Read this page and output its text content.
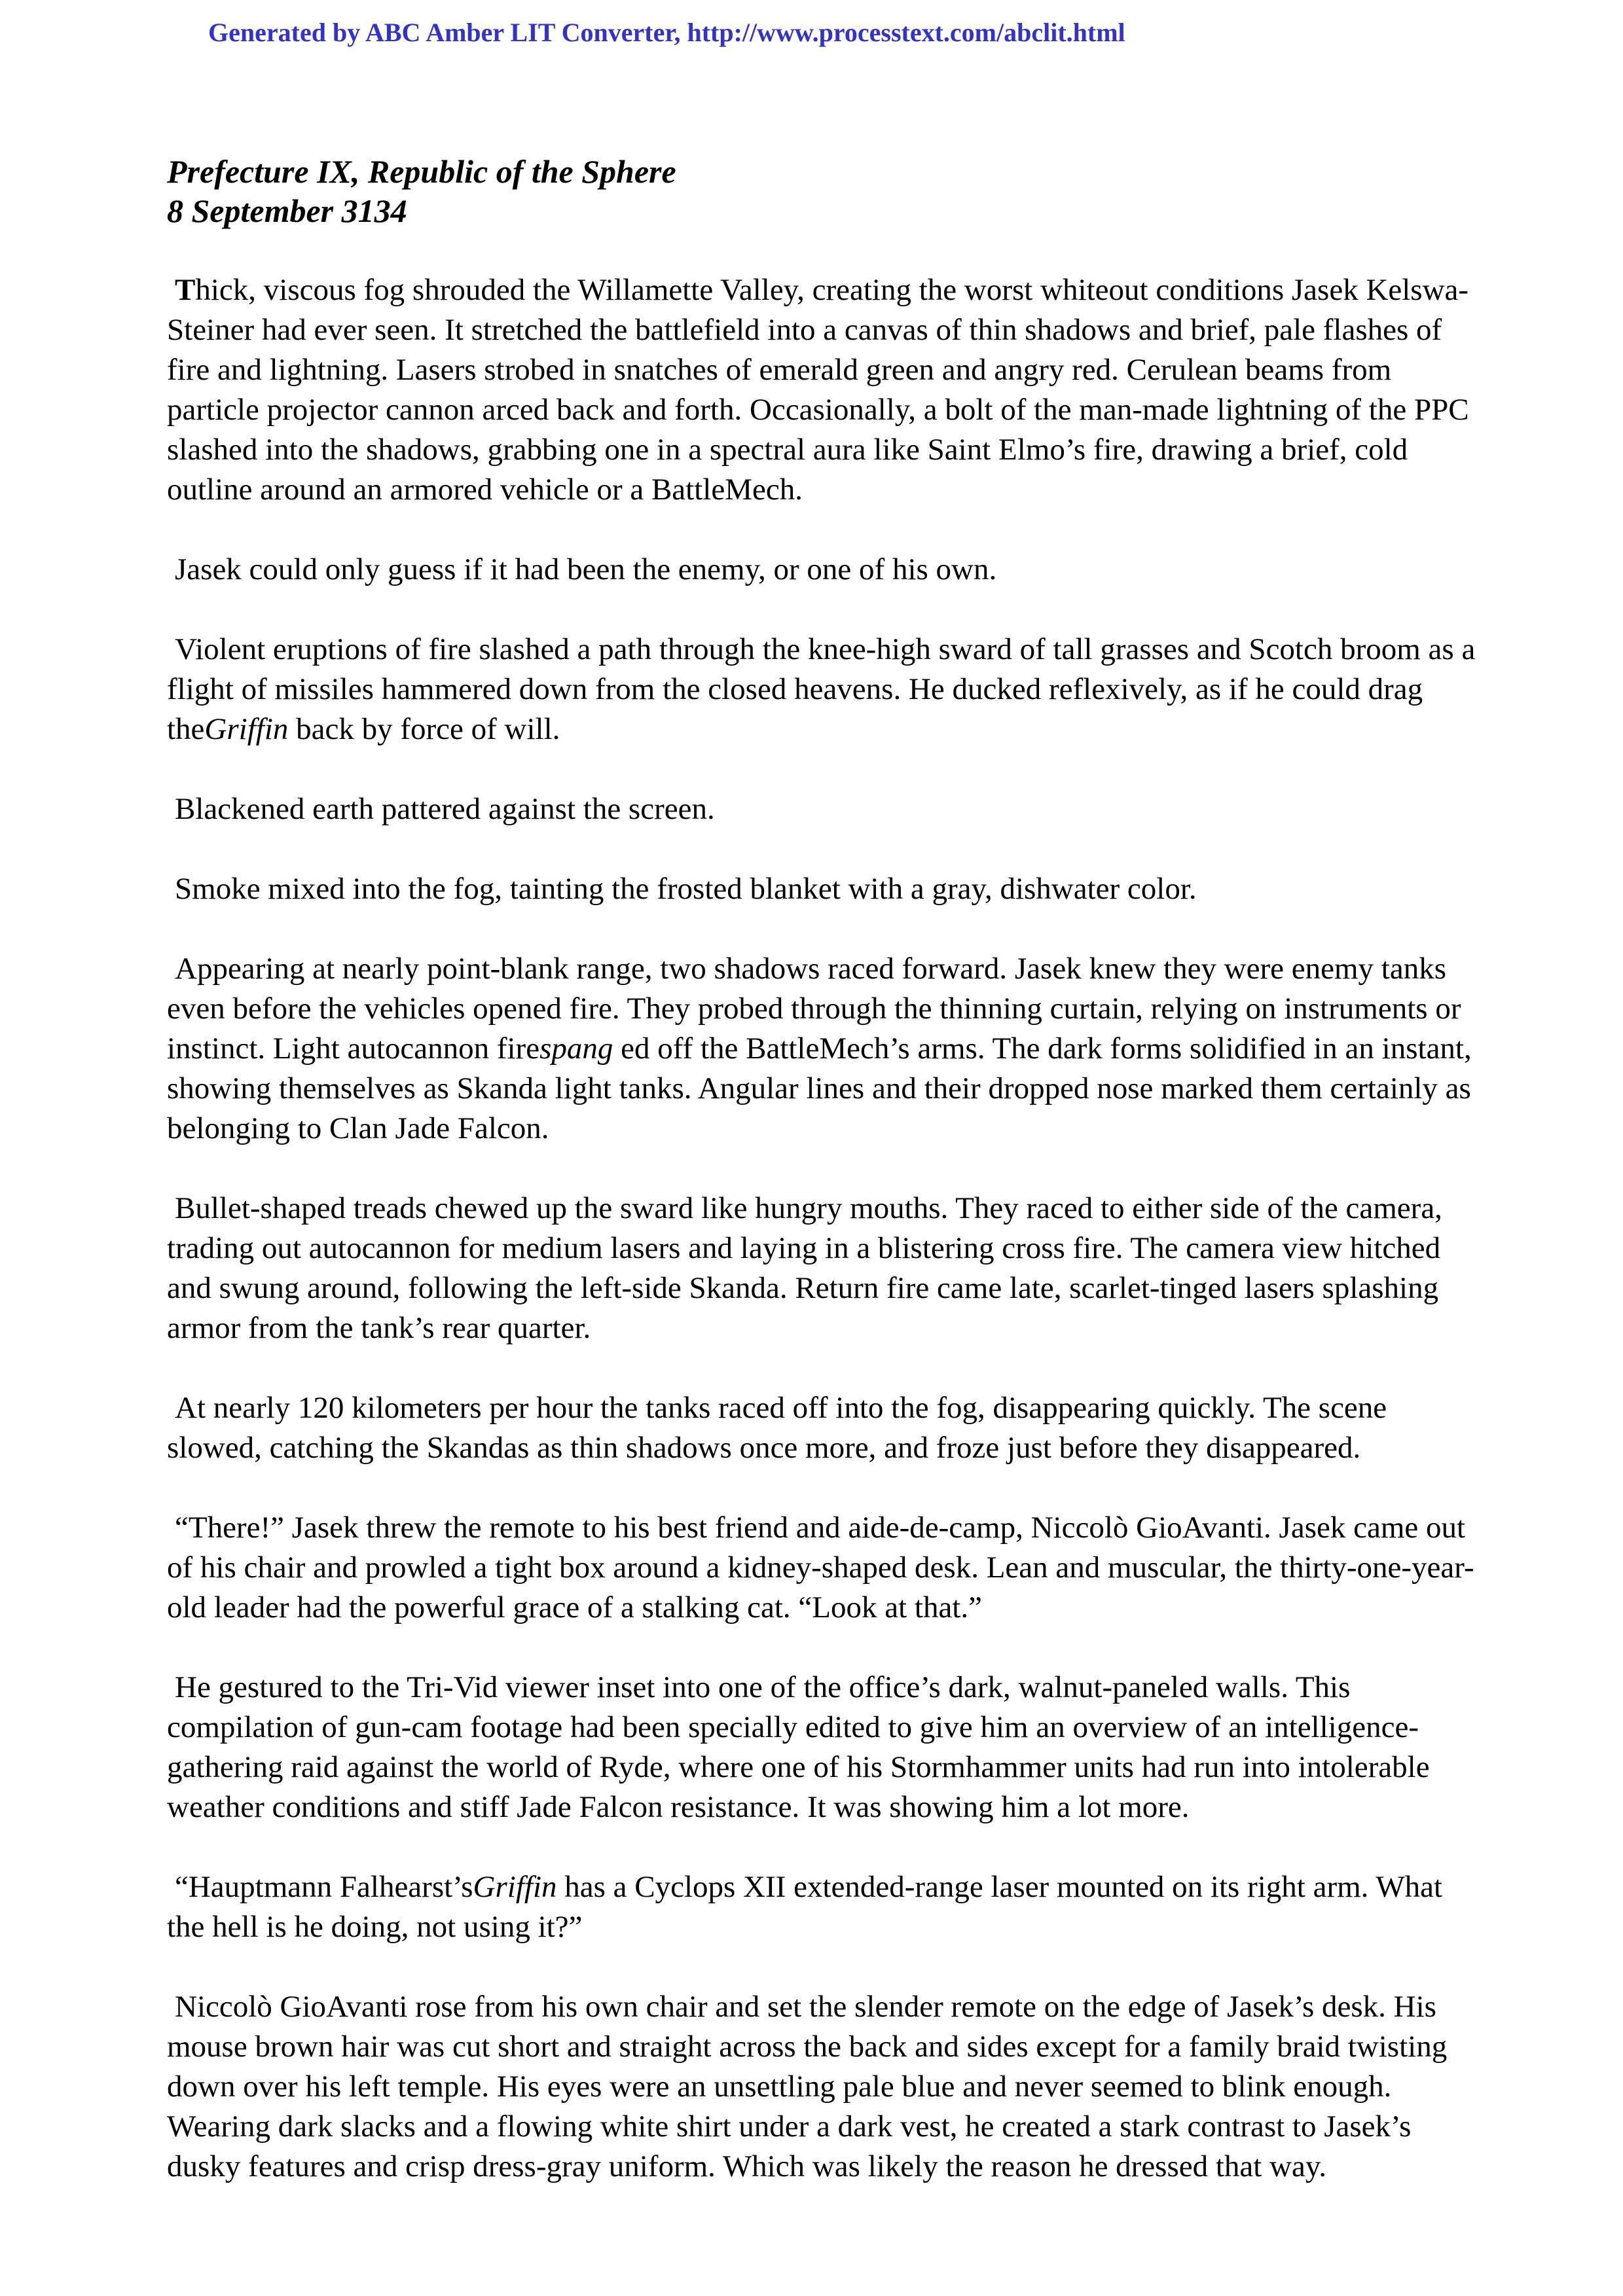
Generated by ABC Amber LIT Converter, http://www.processtext.com/abclit.html
Prefecture IX, Republic of the Sphere
8 September 3134

Thick, viscous fog shrouded the Willamette Valley, creating the worst whiteout conditions Jasek Kelswa-Steiner had ever seen. It stretched the battlefield into a canvas of thin shadows and brief, pale flashes of fire and lightning. Lasers strobed in snatches of emerald green and angry red. Cerulean beams from particle projector cannon arced back and forth. Occasionally, a bolt of the man-made lightning of the PPC slashed into the shadows, grabbing one in a spectral aura like Saint Elmo’s fire, drawing a brief, cold outline around an armored vehicle or a BattleMech.

Jasek could only guess if it had been the enemy, or one of his own.

Violent eruptions of fire slashed a path through the knee-high sward of tall grasses and Scotch broom as a flight of missiles hammered down from the closed heavens. He ducked reflexively, as if he could drag theGriffin back by force of will.

Blackened earth pattered against the screen.

Smoke mixed into the fog, tainting the frosted blanket with a gray, dishwater color.

Appearing at nearly point-blank range, two shadows raced forward. Jasek knew they were enemy tanks even before the vehicles opened fire. They probed through the thinning curtain, relying on instruments or instinct. Light autocannon firespang ed off the BattleMech’s arms. The dark forms solidified in an instant, showing themselves as Skanda light tanks. Angular lines and their dropped nose marked them certainly as belonging to Clan Jade Falcon.

Bullet-shaped treads chewed up the sward like hungry mouths. They raced to either side of the camera, trading out autocannon for medium lasers and laying in a blistering cross fire. The camera view hitched and swung around, following the left-side Skanda. Return fire came late, scarlet-tinged lasers splashing armor from the tank’s rear quarter.

At nearly 120 kilometers per hour the tanks raced off into the fog, disappearing quickly. The scene slowed, catching the Skandas as thin shadows once more, and froze just before they disappeared.

“There!” Jasek threw the remote to his best friend and aide-de-camp, Niccolò GioAvanti. Jasek came out of his chair and prowled a tight box around a kidney-shaped desk. Lean and muscular, the thirty-one-year-old leader had the powerful grace of a stalking cat. “Look at that.”

He gestured to the Tri-Vid viewer inset into one of the office’s dark, walnut-paneled walls. This compilation of gun-cam footage had been specially edited to give him an overview of an intelligence-gathering raid against the world of Ryde, where one of his Stormhammer units had run into intolerable weather conditions and stiff Jade Falcon resistance. It was showing him a lot more.

“Hauptmann Falhearst’sGriffin has a Cyclops XII extended-range laser mounted on its right arm. What the hell is he doing, not using it?”

Niccolò GioAvanti rose from his own chair and set the slender remote on the edge of Jasek’s desk. His mouse brown hair was cut short and straight across the back and sides except for a family braid twisting down over his left temple. His eyes were an unsettling pale blue and never seemed to blink enough. Wearing dark slacks and a flowing white shirt under a dark vest, he created a stark contrast to Jasek’s dusky features and crisp dress-gray uniform. Which was likely the reason he dressed that way.
